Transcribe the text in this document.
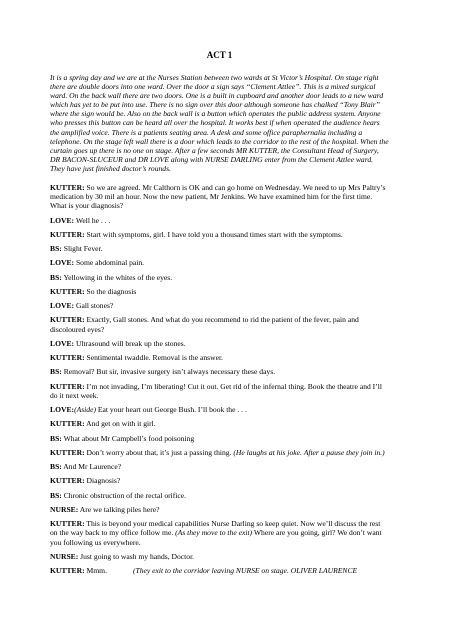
ACT 1

It is a spring day and we are at the Nurses Station between two wards at St Victor’s Hospital. On stage right there are double doors into one ward. Over the door a sign says “Clement Attlee”. This is a mixed surgical ward. On the back wall there are two doors. One is a built in cupboard and another door leads to a new ward which has yet to be put into use. There is no sign over this door although someone has chalked “Tony Blair” where the sign would be. Also on the back wall is a button which operates the public address system. Anyone who presses this button can be heard all over the hospital. It works best if when operated the audience hears the amplified voice. There is a patients seating area. A desk and some office paraphernalia including a telephone. On the stage left wall there is a door which leads to the corridor to the rest of the hospital. When the curtain goes up there is no one on stage. After a few seconds MR KUTTER, the Consultant Head of Surgery, DR BACON-SLUCEUR and DR LOVE along with NURSE DARLING enter from the Clement Attlee ward. They have just finished doctor’s rounds.

KUTTER: So we are agreed. Mr Calthorn is OK and can go home on Wednesday. We need to up Mrs Paltry’s medication by 30 mil an hour. Now the new patient, Mr Jenkins. We have examined him for the first time. What is your diagnosis?

LOVE: Well he . . .

KUTTER: Start with symptoms, girl. I have told you a thousand times start with the symptoms.

BS: Slight Fever.

LOVE: Some abdominal pain.

BS: Yellowing in the whites of the eyes.

KUTTER: So the diagnosis

LOVE: Gall stones?

KUTTER: Exactly, Gall stones. And what do you recommend to rid the patient of the fever, pain and discoloured eyes?

LOVE: Ultrasound will break up the stones.

KUTTER: Sentimental twaddle. Removal is the answer.

BS: Removal? But sir, invasive surgery isn’t always necessary these days.

KUTTER: I’m not invading, I’m liberating! Cut it out. Get rid of the infernal thing. Book the theatre and I’ll do it next week.

LOVE:(Aside) Eat your heart out George Bush. I’ll book the . . .

KUTTER: And get on with it girl.

BS: What about Mr Campbell’s food poisoning

KUTTER: Don’t worry about that, it’s just a passing thing. (He laughs at his joke. After a pause they join in.)

BS: And Mr Laurence?

KUTTER: Diagnosis?

BS: Chronic obstruction of the rectal orifice.

NURSE: Are we talking piles here?

KUTTER: This is beyond your medical capabilities Nurse Darling so keep quiet. Now we’ll discuss the rest on the way back to my office follow me. (As they move to the exit) Where are you going, girl? We don’t want you following us everywhere.

NURSE: Just going to wash my hands, Doctor.

KUTTER: Mmm.	(They exit to the corridor leaving NURSE on stage. OLIVER LAURENCE
